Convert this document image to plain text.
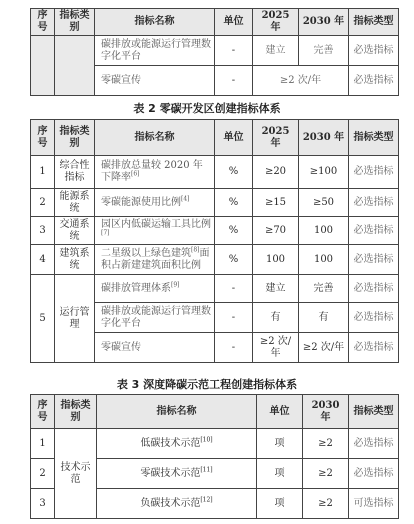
序号	指标类别	指标名称	单位	2025 年	2030 年	指标类型
		碳排放或能源运行管理数字化平台	-	建立	完善	必选指标
		零碳宣传	-	≥2 次/年		必选指标
表 2 零碳开发区创建指标体系
序号	指标类别	指标名称	单位	2025 年	2030 年	指标类型
1	综合性指标	碳排放总量较 2020 年下降率[6]	%	≥20	≥100	必选指标
2	能源系统	零碳能源使用比例[4]	%	≥15	≥50	必选指标
3	交通系统	园区内低碳运输工具比例[7]	%	≥70	100	必选指标
4	建筑系统	二星级以上绿色建筑[8]面积占新建建筑面积比例	%	100	100	必选指标
5	运行管理	碳排放管理体系[9]	-	建立	完善	必选指标
		碳排放或能源运行管理数字化平台	-	有	有	必选指标
		零碳宣传	-	≥2 次/年	≥2 次/年	必选指标
表 3 深度降碳示范工程创建指标体系
序号	指标类别	指标名称	单位	2030 年	指标类型
1	技术示范	低碳技术示范[10]	项	≥2	必选指标
2		零碳技术示范[11]	项	≥2	必选指标
3		负碳技术示范[12]	项	≥2	可选指标
